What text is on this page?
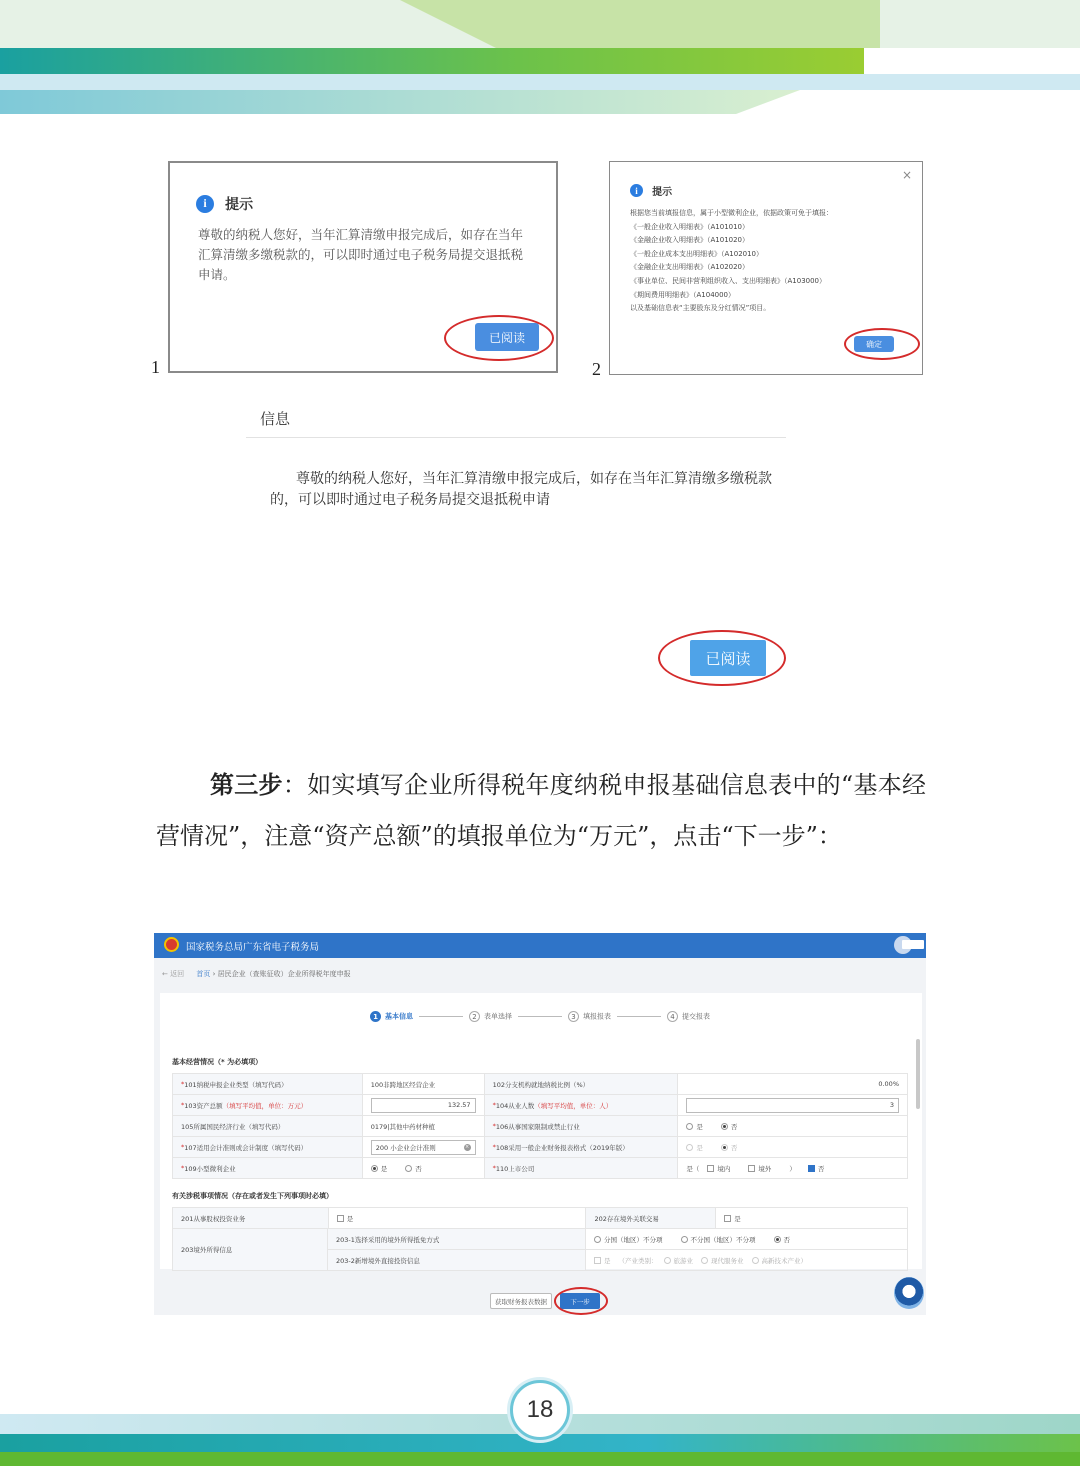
i 提示
尊敬的纳税人您好，当年汇算清缴申报完成后，如存在当年汇算清缴多缴税款的，可以即时通过电子税务局提交退抵税申请。
已阅读
1
i 提示
×
根据您当前填报信息，属于小型微利企业，依据政策可免于填报：
《一般企业收入明细表》（A101010）
《金融企业收入明细表》（A101020）
《一般企业成本支出明细表》（A102010）
《金融企业支出明细表》（A102020）
《事业单位、民间非营利组织收入、支出明细表》（A103000）
《期间费用明细表》（A104000）
以及基础信息表“主要股东及分红情况”项目。
确定
2
信息
尊敬的纳税人您好，当年汇算清缴申报完成后，如存在当年汇算清缴多缴税款的，可以即时通过电子税务局提交退抵税申请
已阅读
第三步：如实填写企业所得税年度纳税申报基础信息表中的“基本经营情况”，注意“资产总额”的填报单位为“万元”，点击“下一步”：
国家税务总局广东省电子税务局
← 返回 首页 › 居民企业（查账征收）企业所得税年度申报
1 基本信息	2 表单选择	3 填报报表	4 提交报表
基本经营情况（* 为必填项）
* 101纳税申报企业类型（填写代码）	100非跨地区经营企业	102分支机构就地纳税比例（%）	0.00%
* 103资产总额 （填写平均值，单位：万元）	132.57	* 104从业人数 （填写平均值，单位：人）	3
105所属国民经济行业（填写代码）	0179|其他中药材种植	* 106从事国家限制或禁止行业	是	否
* 107适用会计准则或会计制度（填写代码）	200 小企业会计准则	×	* 108采用一般企业财务报表格式（2019年版）	是	否
* 109小型微利企业	是	否	* 110上市公司	是（	境内	境外	）	否
有关涉税事项情况（存在或者发生下列事项时必填）
201从事股权投资业务	是	202存在境外关联交易	是
203境外所得信息
203-1选择采用的境外所得抵免方式	分国（地区）不分项	不分国（地区）不分项	否
203-2新增境外直接投资信息	是 （产业类别：	旅游业	现代服务业	高新技术产业）
获取财务报表数据	下一步
18
